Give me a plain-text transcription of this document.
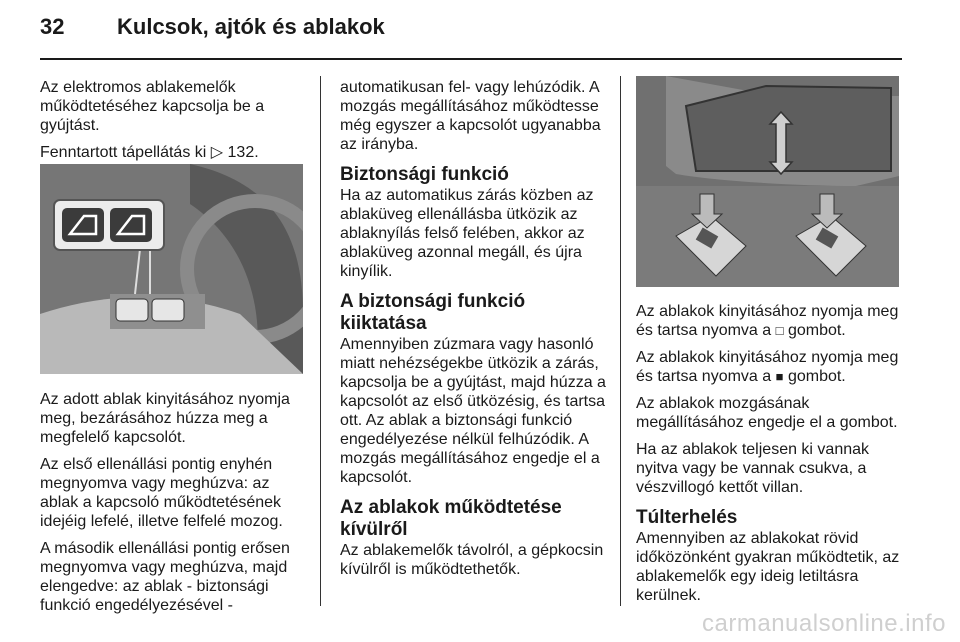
32 Kulcsok, ajtók és ablakok

Az elektromos ablakemelők működtetéséhez kapcsolja be a gyújtást.

Fenntartott tápellátás ki ▷ 132.

Az adott ablak kinyitásához nyomja meg, bezárásához húzza meg a megfelelő kapcsolót.

Az első ellenállási pontig enyhén megnyomva vagy meghúzva: az ablak a kapcsoló működtetésének idejéig lefelé, illetve felfelé mozog.

A második ellenállási pontig erősen megnyomva vagy meghúzva, majd elengedve: az ablak - biztonsági funkció engedélyezésével -

automatikusan fel- vagy lehúzódik. A mozgás megállításához működtesse még egyszer a kapcsolót ugyanabba az irányba.

Biztonsági funkció

Ha az automatikus zárás közben az ablaküveg ellenállásba ütközik az ablaknyílás felső felében, akkor az ablaküveg azonnal megáll, és újra kinyílik.

A biztonsági funkció kiiktatása

Amennyiben zúzmara vagy hasonló miatt nehézségekbe ütközik a zárás, kapcsolja be a gyújtást, majd húzza a kapcsolót az első ütközésig, és tartsa ott. Az ablak a biztonsági funkció engedélyezése nélkül felhúzódik. A mozgás megállításához engedje el a kapcsolót.

Az ablakok működtetése kívülről

Az ablakemelők távolról, a gépkocsin kívülről is működtethetők.

Az ablakok kinyitásához nyomja meg és tartsa nyomva a □ gombot.

Az ablakok kinyitásához nyomja meg és tartsa nyomva a ■ gombot.

Az ablakok mozgásának megállításához engedje el a gombot.

Ha az ablakok teljesen ki vannak nyitva vagy be vannak csukva, a vészvillogó kettőt villan.

Túlterhelés

Amennyiben az ablakokat rövid időközönként gyakran működtetik, az ablakemelők egy ideig letiltásra kerülnek.

carmanualsonline.info
